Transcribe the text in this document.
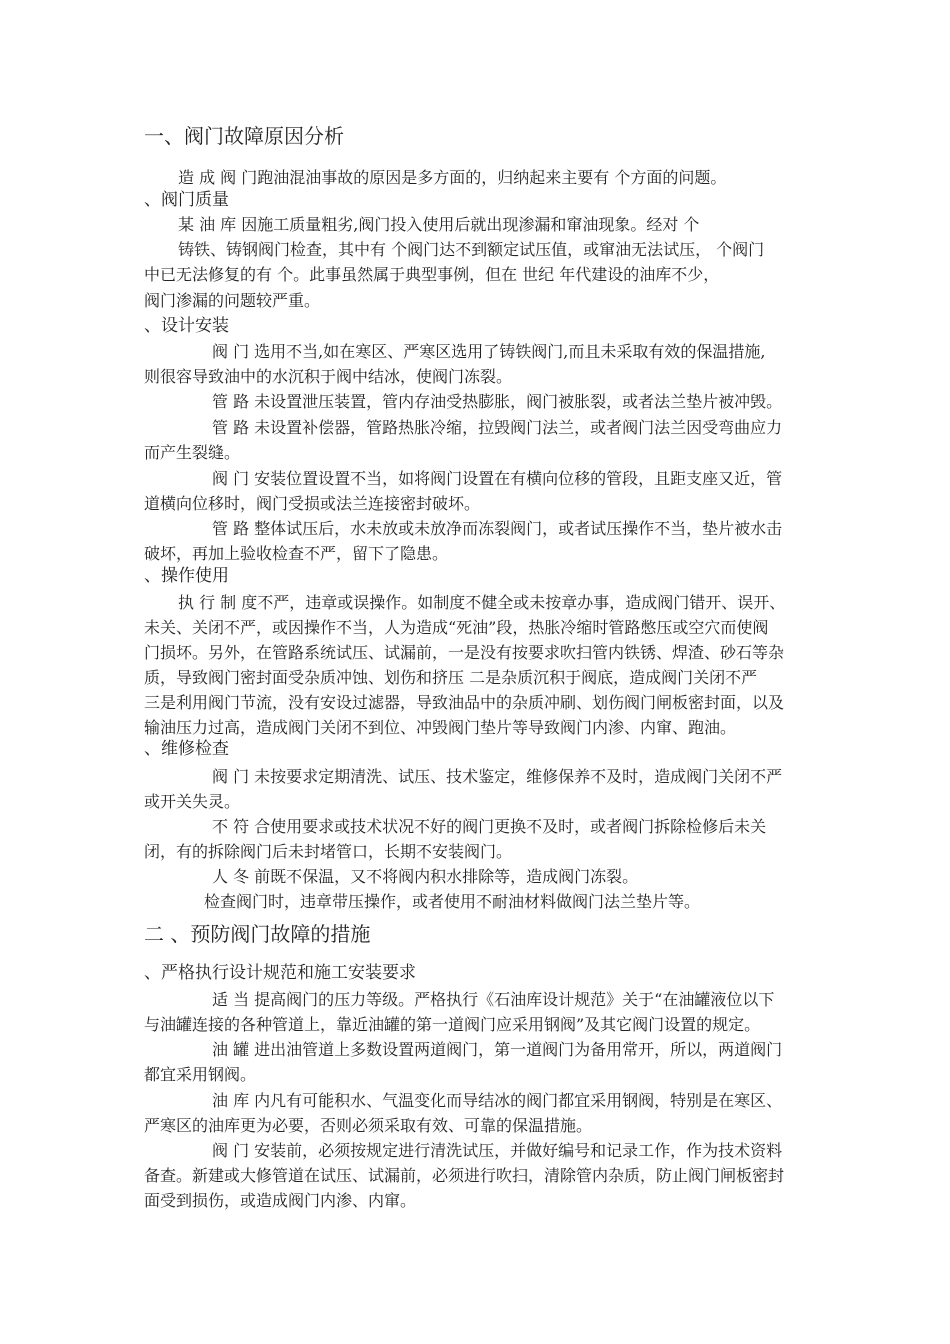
一、阀门故障原因分析

造 成 阀 门跑油混油事故的原因是多方面的，归纳起来主要有 个方面的问题。

、阀门质量

某 油 库 因施工质量粗劣,阀门投入使用后就出现渗漏和窜油现象。经对 个

铸铁、铸钢阀门检查，其中有 个阀门达不到额定试压值，或窜油无法试压， 个阀门

中已无法修复的有 个。此事虽然属于典型事例，但在 世纪 年代建设的油库不少，

阀门渗漏的问题较严重。

、设计安装

阀 门 选用不当,如在寒区、严寒区选用了铸铁阀门,而且未采取有效的保温措施,

则很容导致油中的水沉积于阀中结冰，使阀门冻裂。

管 路 未设置泄压装置，管内存油受热膨胀，阀门被胀裂，或者法兰垫片被冲毁。

管 路 未设置补偿器，管路热胀冷缩，拉毁阀门法兰，或者阀门法兰因受弯曲应力

而产生裂缝。

阀 门 安装位置设置不当，如将阀门设置在有横向位移的管段，且距支座又近，管

道横向位移时，阀门受损或法兰连接密封破坏。

管 路 整体试压后，水未放或未放净而冻裂阀门，或者试压操作不当，垫片被水击

破坏，再加上验收检查不严，留下了隐患。

、操作使用

执 行 制 度不严，违章或误操作。如制度不健全或未按章办事，造成阀门错开、误开、

未关、关闭不严，或因操作不当，人为造成“死油”段，热胀冷缩时管路憋压或空穴而使阀

门损坏。另外，在管路系统试压、试漏前，一是没有按要求吹扫管内铁锈、焊渣、砂石等杂

质，导致阀门密封面受杂质冲蚀、划伤和挤压 二是杂质沉积于阀底，造成阀门关闭不严

三是利用阀门节流，没有安设过滤器，导致油品中的杂质冲刷、划伤阀门闸板密封面，以及

输油压力过高，造成阀门关闭不到位、冲毁阀门垫片等导致阀门内渗、内窜、跑油。

、维修检查

阀 门 未按要求定期清洗、试压、技术鉴定，维修保养不及时，造成阀门关闭不严

或开关失灵。

不 符 合使用要求或技术状况不好的阀门更换不及时，或者阀门拆除检修后未关

闭，有的拆除阀门后未封堵管口，长期不安装阀门。

人 冬 前既不保温，又不将阀内积水排除等，造成阀门冻裂。

检查阀门时，违章带压操作，或者使用不耐油材料做阀门法兰垫片等。

二 、预防阀门故障的措施
、严格执行设计规范和施工安装要求

适 当 提高阀门的压力等级。严格执行《石油库设计规范》关于“在油罐液位以下

与油罐连接的各种管道上，靠近油罐的第一道阀门应采用钢阀”及其它阀门设置的规定。

油 罐 进出油管道上多数设置两道阀门，第一道阀门为备用常开，所以，两道阀门

都宜采用钢阀。

油 库 内凡有可能积水、气温变化而导结冰的阀门都宜采用钢阀，特别是在寒区、

严寒区的油库更为必要，否则必须采取有效、可靠的保温措施。

阀 门 安装前，必须按规定进行清洗试压，并做好编号和记录工作，作为技术资料

备查。新建或大修管道在试压、试漏前，必须进行吹扫，清除管内杂质，防止阀门闸板密封

面受到损伤，或造成阀门内渗、内窜。
